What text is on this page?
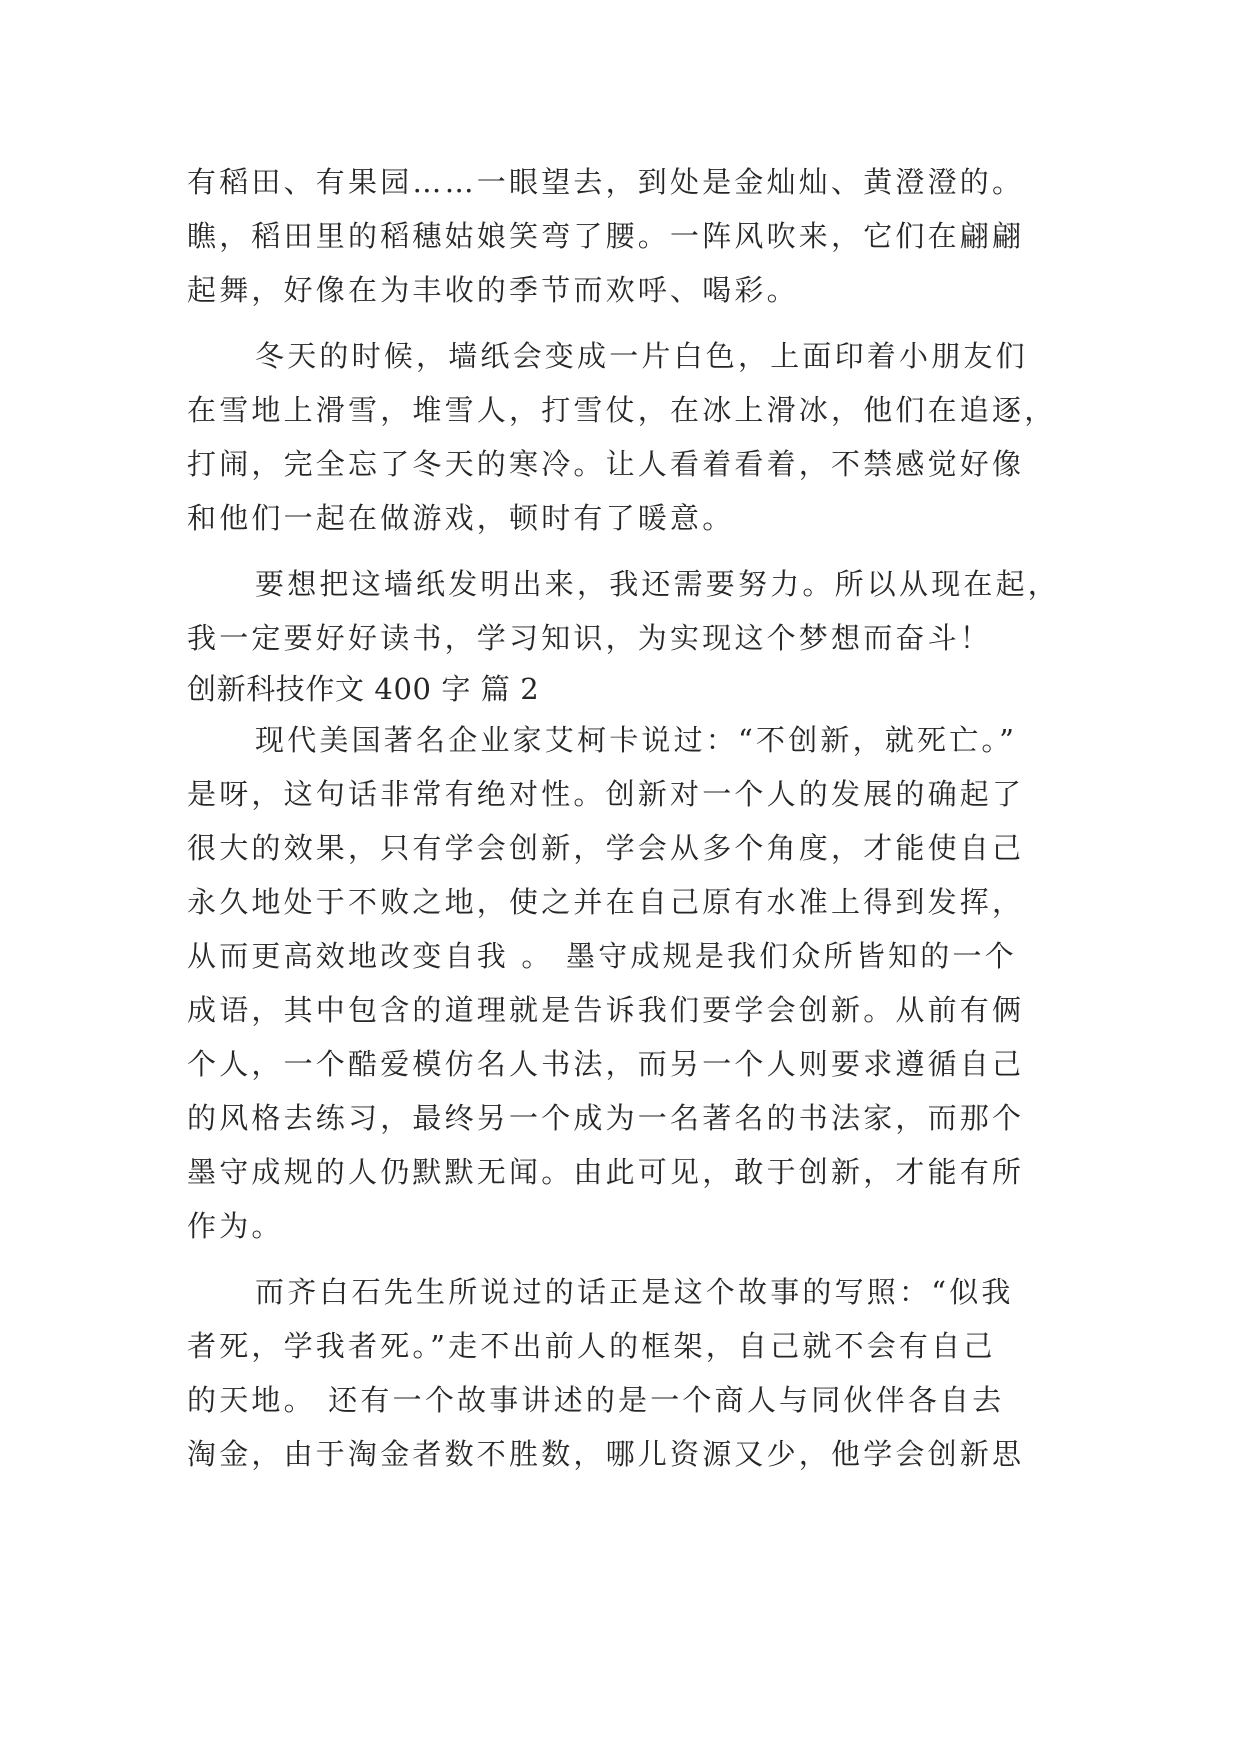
有稻田、有果园……一眼望去，到处是金灿灿、黄澄澄的。

瞧，稻田里的稻穗姑娘笑弯了腰。一阵风吹来，它们在翩翩

起舞，好像在为丰收的季节而欢呼、喝彩。

冬天的时候，墙纸会变成一片白色，上面印着小朋友们

在雪地上滑雪，堆雪人，打雪仗，在冰上滑冰，他们在追逐，

打闹，完全忘了冬天的寒冷。让人看着看着，不禁感觉好像

和他们一起在做游戏，顿时有了暖意。

要想把这墙纸发明出来，我还需要努力。所以从现在起，

我一定要好好读书，学习知识，为实现这个梦想而奋斗！

创新科技作文 400 字 篇 2

现代美国著名企业家艾柯卡说过：“不创新，就死亡。”

是呀，这句话非常有绝对性。创新对一个人的发展的确起了

很大的效果，只有学会创新，学会从多个角度，才能使自己

永久地处于不败之地，使之并在自己原有水准上得到发挥，

从而更高效地改变自我 。 墨守成规是我们众所皆知的一个

成语，其中包含的道理就是告诉我们要学会创新。从前有俩

个人，一个酷爱模仿名人书法，而另一个人则要求遵循自己

的风格去练习，最终另一个成为一名著名的书法家，而那个

墨守成规的人仍默默无闻。由此可见，敢于创新，才能有所

作为。

而齐白石先生所说过的话正是这个故事的写照：“似我

者死，学我者死。”走不出前人的框架，自己就不会有自己

的天地。 还有一个故事讲述的是一个商人与同伙伴各自去

淘金，由于淘金者数不胜数，哪儿资源又少，他学会创新思
